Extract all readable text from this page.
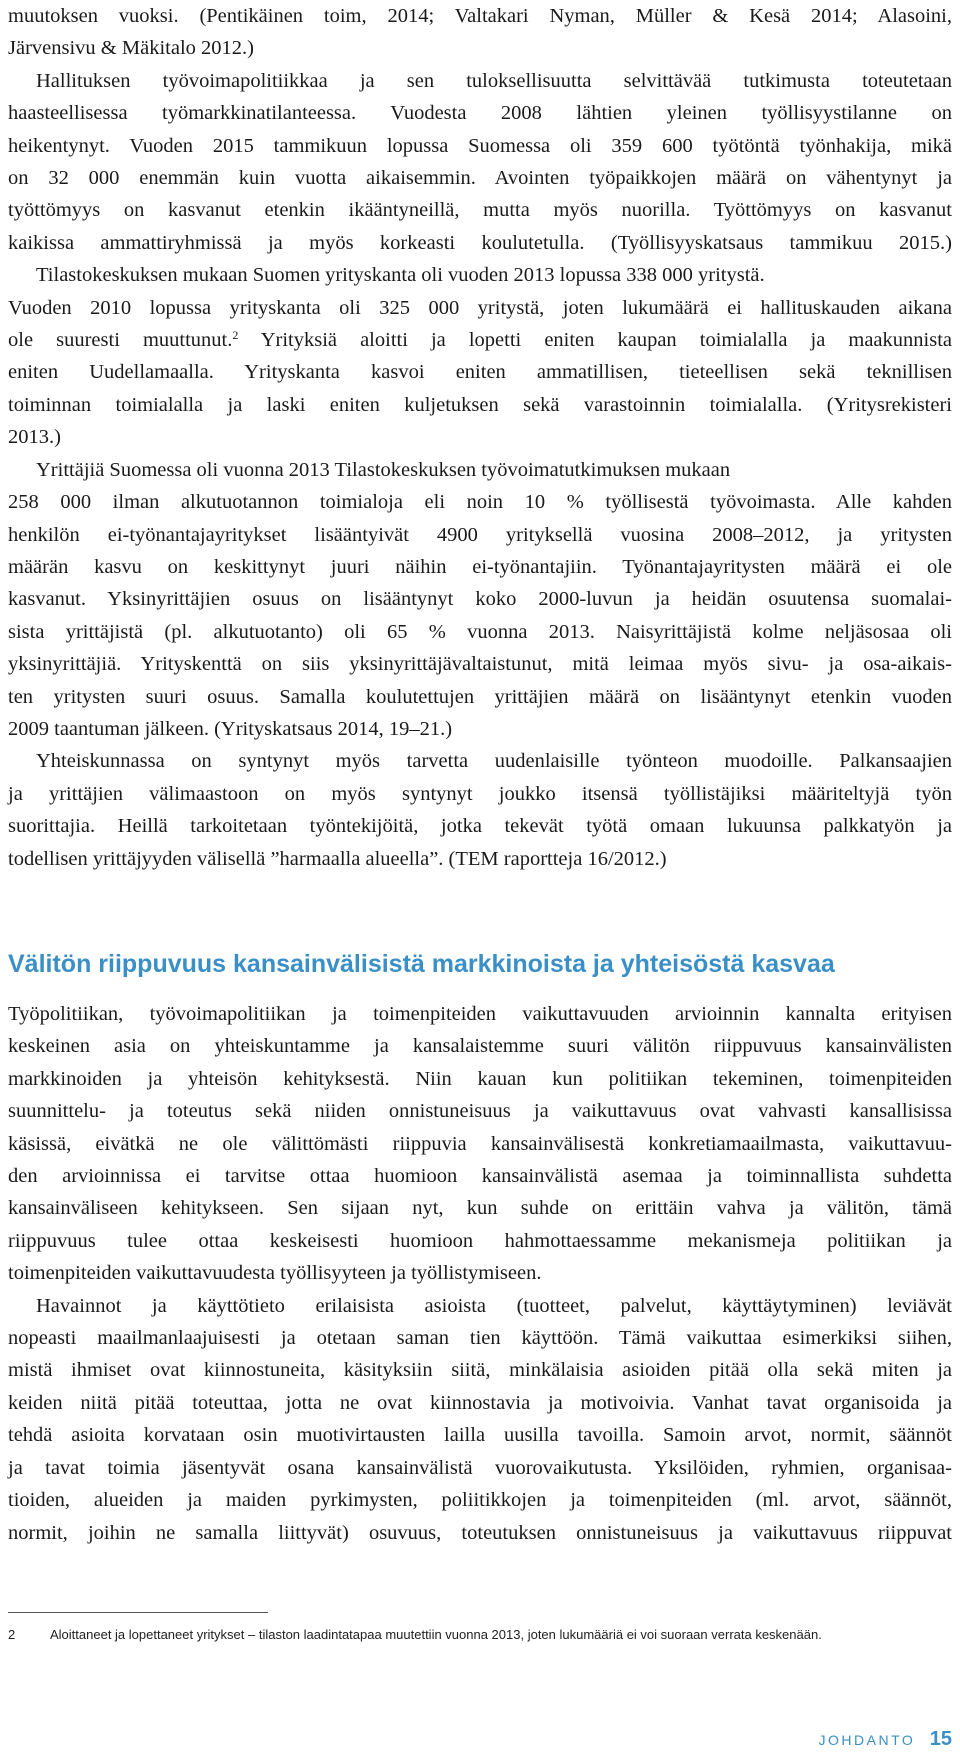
muutoksen vuoksi. (Pentikäinen toim, 2014; Valtakari Nyman, Müller & Kesä 2014; Alasoini,
Järvensivu & Mäkitalo 2012.)

Hallituksen työvoimapolitiikkaa ja sen tuloksellisuutta selvittävää tutkimusta toteutetaan
haasteellisessa työmarkkinatilanteessa. Vuodesta 2008 lähtien yleinen työllisyystilanne on
heikentynyt. Vuoden 2015 tammikuun lopussa Suomessa oli 359 600 työtöntä työnhakija, mikä
on 32 000 enemmän kuin vuotta aikaisemmin. Avointen työpaikkojen määrä on vähentynyt ja
työttömyys on kasvanut etenkin ikääntyneillä, mutta myös nuorilla. Työttömyys on kasvanut
kaikissa ammattiryhmissä ja myös korkeasti koulutetulla. (Työllisyyskatsaus tammikuu 2015.)

Tilastokeskuksen mukaan Suomen yrityskanta oli vuoden 2013 lopussa 338 000 yritystä.
Vuoden 2010 lopussa yrityskanta oli 325 000 yritystä, joten lukumäärä ei hallituskauden aikana
ole suuresti muuttunut.$^2$ Yrityksiä aloitti ja lopetti eniten kaupan toimialalla ja maakunnista
eniten Uudellamaalla. Yrityskanta kasvoi eniten ammatillisen, tieteellisen sekä teknillisen
toiminnan toimialalla ja laski eniten kuljetuksen sekä varastoinnin toimialalla. (Yritysrekisteri
2013.)

Yrittäjiä Suomessa oli vuonna 2013 Tilastokeskuksen työvoimatutkimuksen mukaan
258 000 ilman alkutuotannon toimialoja eli noin 10 % työllisestä työvoimasta. Alle kahden
henkilön ei-työnantajayritykset lisääntyivät 4900 yrityksellä vuosina 2008–2012, ja yritysten
määrän kasvu on keskittynyt juuri näihin ei-työnantajiin. Työnantajayritysten määrä ei ole
kasvanut. Yksinyrittäjien osuus on lisääntynyt koko 2000-luvun ja heidän osuutensa suomalai-
sista yrittäjistä (pl. alkutuotanto) oli 65 % vuonna 2013. Naisyrittäjistä kolme neljäsosaa oli
yksinyrittäjiä. Yrityskenttä on siis yksinyrittäjävaltaistunut, mitä leimaa myös sivu- ja osa-aikais-
ten yritysten suuri osuus. Samalla koulutettujen yrittäjien määrä on lisääntynyt etenkin vuoden
2009 taantuman jälkeen. (Yrityskatsaus 2014, 19–21.)

Yhteiskunnassa on syntynyt myös tarvetta uudenlaisille työnteon muodoille. Palkansaajien
ja yrittäjien välimaastoon on myös syntynyt joukko itsensä työllistäjiksi määriteltyjä työn
suorittajia. Heillä tarkoitetaan työntekijöitä, jotka tekevät työtä omaan lukuunsa palkkatyön ja
todellisen yrittäjyyden välisellä ”harmaalla alueella”. (TEM raportteja 16/2012.)

Välitön riippuvuus kansainvälisistä markkinoista ja yhteisöstä kasvaa

Työpolitiikan, työvoimapolitiikan ja toimenpiteiden vaikuttavuuden arvioinnin kannalta erityisen
keskeinen asia on yhteiskuntamme ja kansalaistemme suuri välitön riippuvuus kansainvälisten
markkinoiden ja yhteisön kehityksestä. Niin kauan kun politiikan tekeminen, toimenpiteiden
suunnittelu- ja toteutus sekä niiden onnistuneisuus ja vaikuttavuus ovat vahvasti kansallisissa
käsissä, eivätkä ne ole välittömästi riippuvia kansainvälisestä konkretiamaailmasta, vaikuttavuu-
den arvioinnissa ei tarvitse ottaa huomioon kansainvälistä asemaa ja toiminnallista suhdetta
kansainväliseen kehitykseen. Sen sijaan nyt, kun suhde on erittäin vahva ja välitön, tämä
riippuvuus tulee ottaa keskeisesti huomioon hahmottaessamme mekanismeja politiikan ja
toimenpiteiden vaikuttavuudesta työllisyyteen ja työllistymiseen.

Havainnot ja käyttötieto erilaisista asioista (tuotteet, palvelut, käyttäytyminen) leviävät
nopeasti maailmanlaajuisesti ja otetaan saman tien käyttöön. Tämä vaikuttaa esimerkiksi siihen,
mistä ihmiset ovat kiinnostuneita, käsityksiin siitä, minkälaisia asioiden pitää olla sekä miten ja
keiden niitä pitää toteuttaa, jotta ne ovat kiinnostavia ja motivoivia. Vanhat tavat organisoida ja
tehdä asioita korvataan osin muotivirtausten lailla uusilla tavoilla. Samoin arvot, normit, säännöt
ja tavat toimia jäsentyvät osana kansainvälistä vuorovaikutusta. Yksilöiden, ryhmien, organisaa-
tioiden, alueiden ja maiden pyrkimysten, poliitikkojen ja toimenpiteiden (ml. arvot, säännöt,
normit, joihin ne samalla liittyvät) osuvuus, toteutuksen onnistuneisuus ja vaikuttavuus riippuvat

2	Aloittaneet ja lopettaneet yritykset – tilaston laadintatapaa muutettiin vuonna 2013, joten lukumääriä ei voi suoraan verrata keskenään.
JOHDANTO 15
